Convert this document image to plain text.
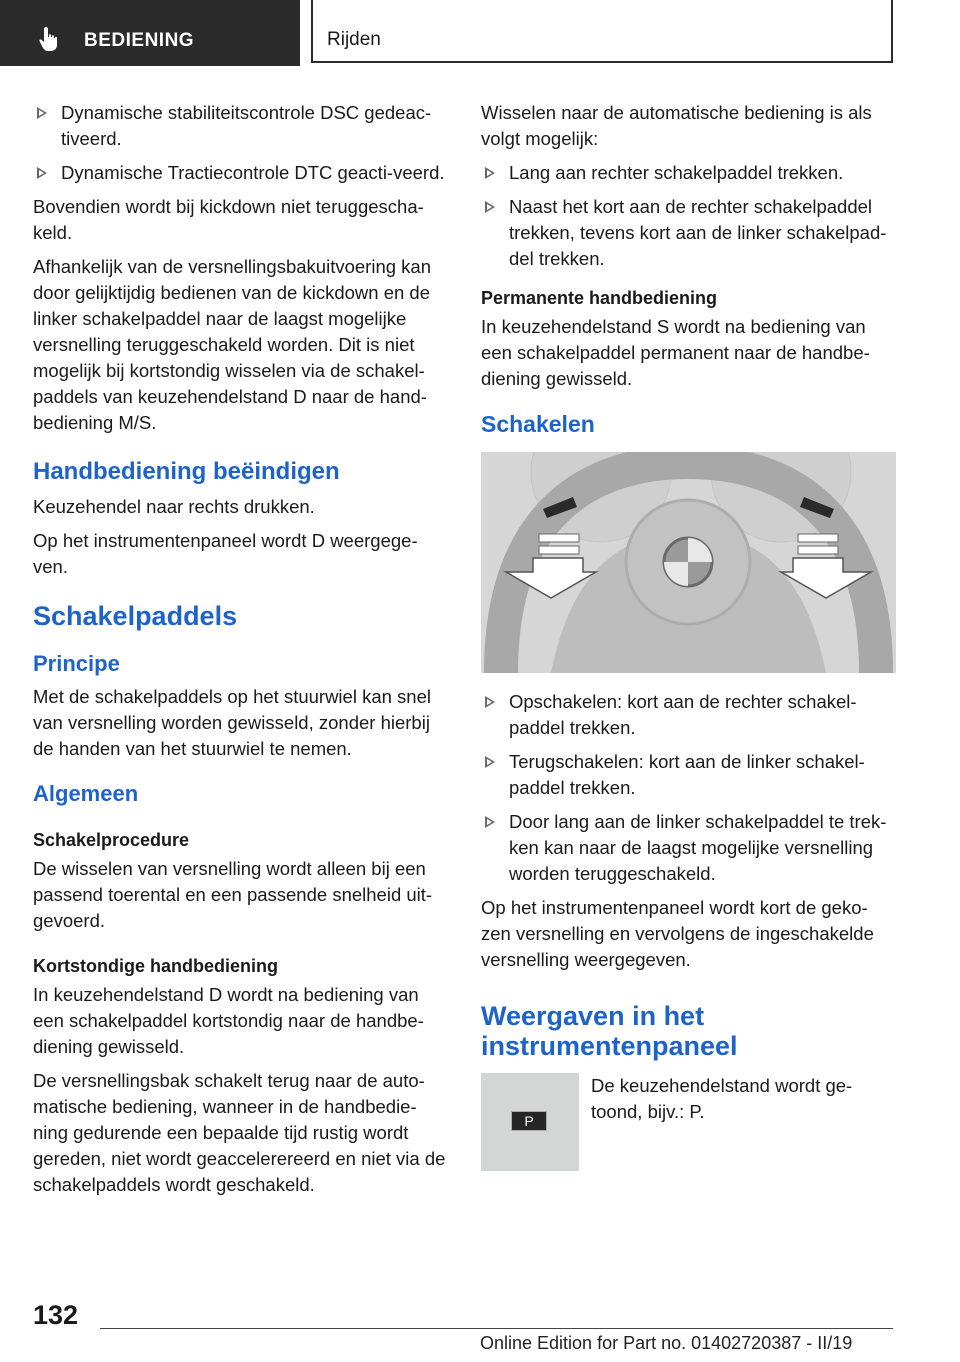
BEDIENING	Rijden
Dynamische stabiliteitscontrole DSC gedeac-tiveerd.
Dynamische Tractiecontrole DTC geacti-veerd.

Bovendien wordt bij kickdown niet teruggescha-keld.

Afhankelijk van de versnellingsbakuitvoering kan door gelijktijdig bedienen van de kickdown en de linker schakelpaddel naar de laagst mogelijke versnelling teruggeschakeld worden. Dit is niet mogelijk bij kortstondig wisselen via de schakel-paddels van keuzehendelstand D naar de hand-bediening M/S.

Handbediening beëindigen

Keuzehendel naar rechts drukken.

Op het instrumentenpaneel wordt D weergege-ven.

Schakelpaddels
Principe

Met de schakelpaddels op het stuurwiel kan snel van versnelling worden gewisseld, zonder hierbij de handen van het stuurwiel te nemen.

Algemeen
Schakelprocedure

De wisselen van versnelling wordt alleen bij een passend toerental en een passende snelheid uit-gevoerd.

Kortstondige handbediening

In keuzehendelstand D wordt na bediening van een schakelpaddel kortstondig naar de handbe-diening gewisseld.

De versnellingsbak schakelt terug naar de auto-matische bediening, wanneer in de handbedie-ning gedurende een bepaalde tijd rustig wordt gereden, niet wordt geaccelerereerd en niet via de schakelpaddels wordt geschakeld.

Wisselen naar de automatische bediening is als volgt mogelijk:

Lang aan rechter schakelpaddel trekken.
Naast het kort aan de rechter schakelpaddel trekken, tevens kort aan de linker schakelpad-del trekken.
Permanente handbediening

In keuzehendelstand S wordt na bediening van een schakelpaddel permanent naar de handbe-diening gewisseld.

Schakelen
Opschakelen: kort aan de rechter schakel-paddel trekken.
Terugschakelen: kort aan de linker schakel-paddel trekken.
Door lang aan de linker schakelpaddel te trek-ken kan naar de laagst mogelijke versnelling worden teruggeschakeld.

Op het instrumentenpaneel wordt kort de geko-zen versnelling en vervolgens de ingeschakelde versnelling weergegeven.

Weergaven in het instrumentenpaneel
P

De keuzehendelstand wordt ge-toond, bijv.: P.

132
Online Edition for Part no. 01402720387 - II/19
